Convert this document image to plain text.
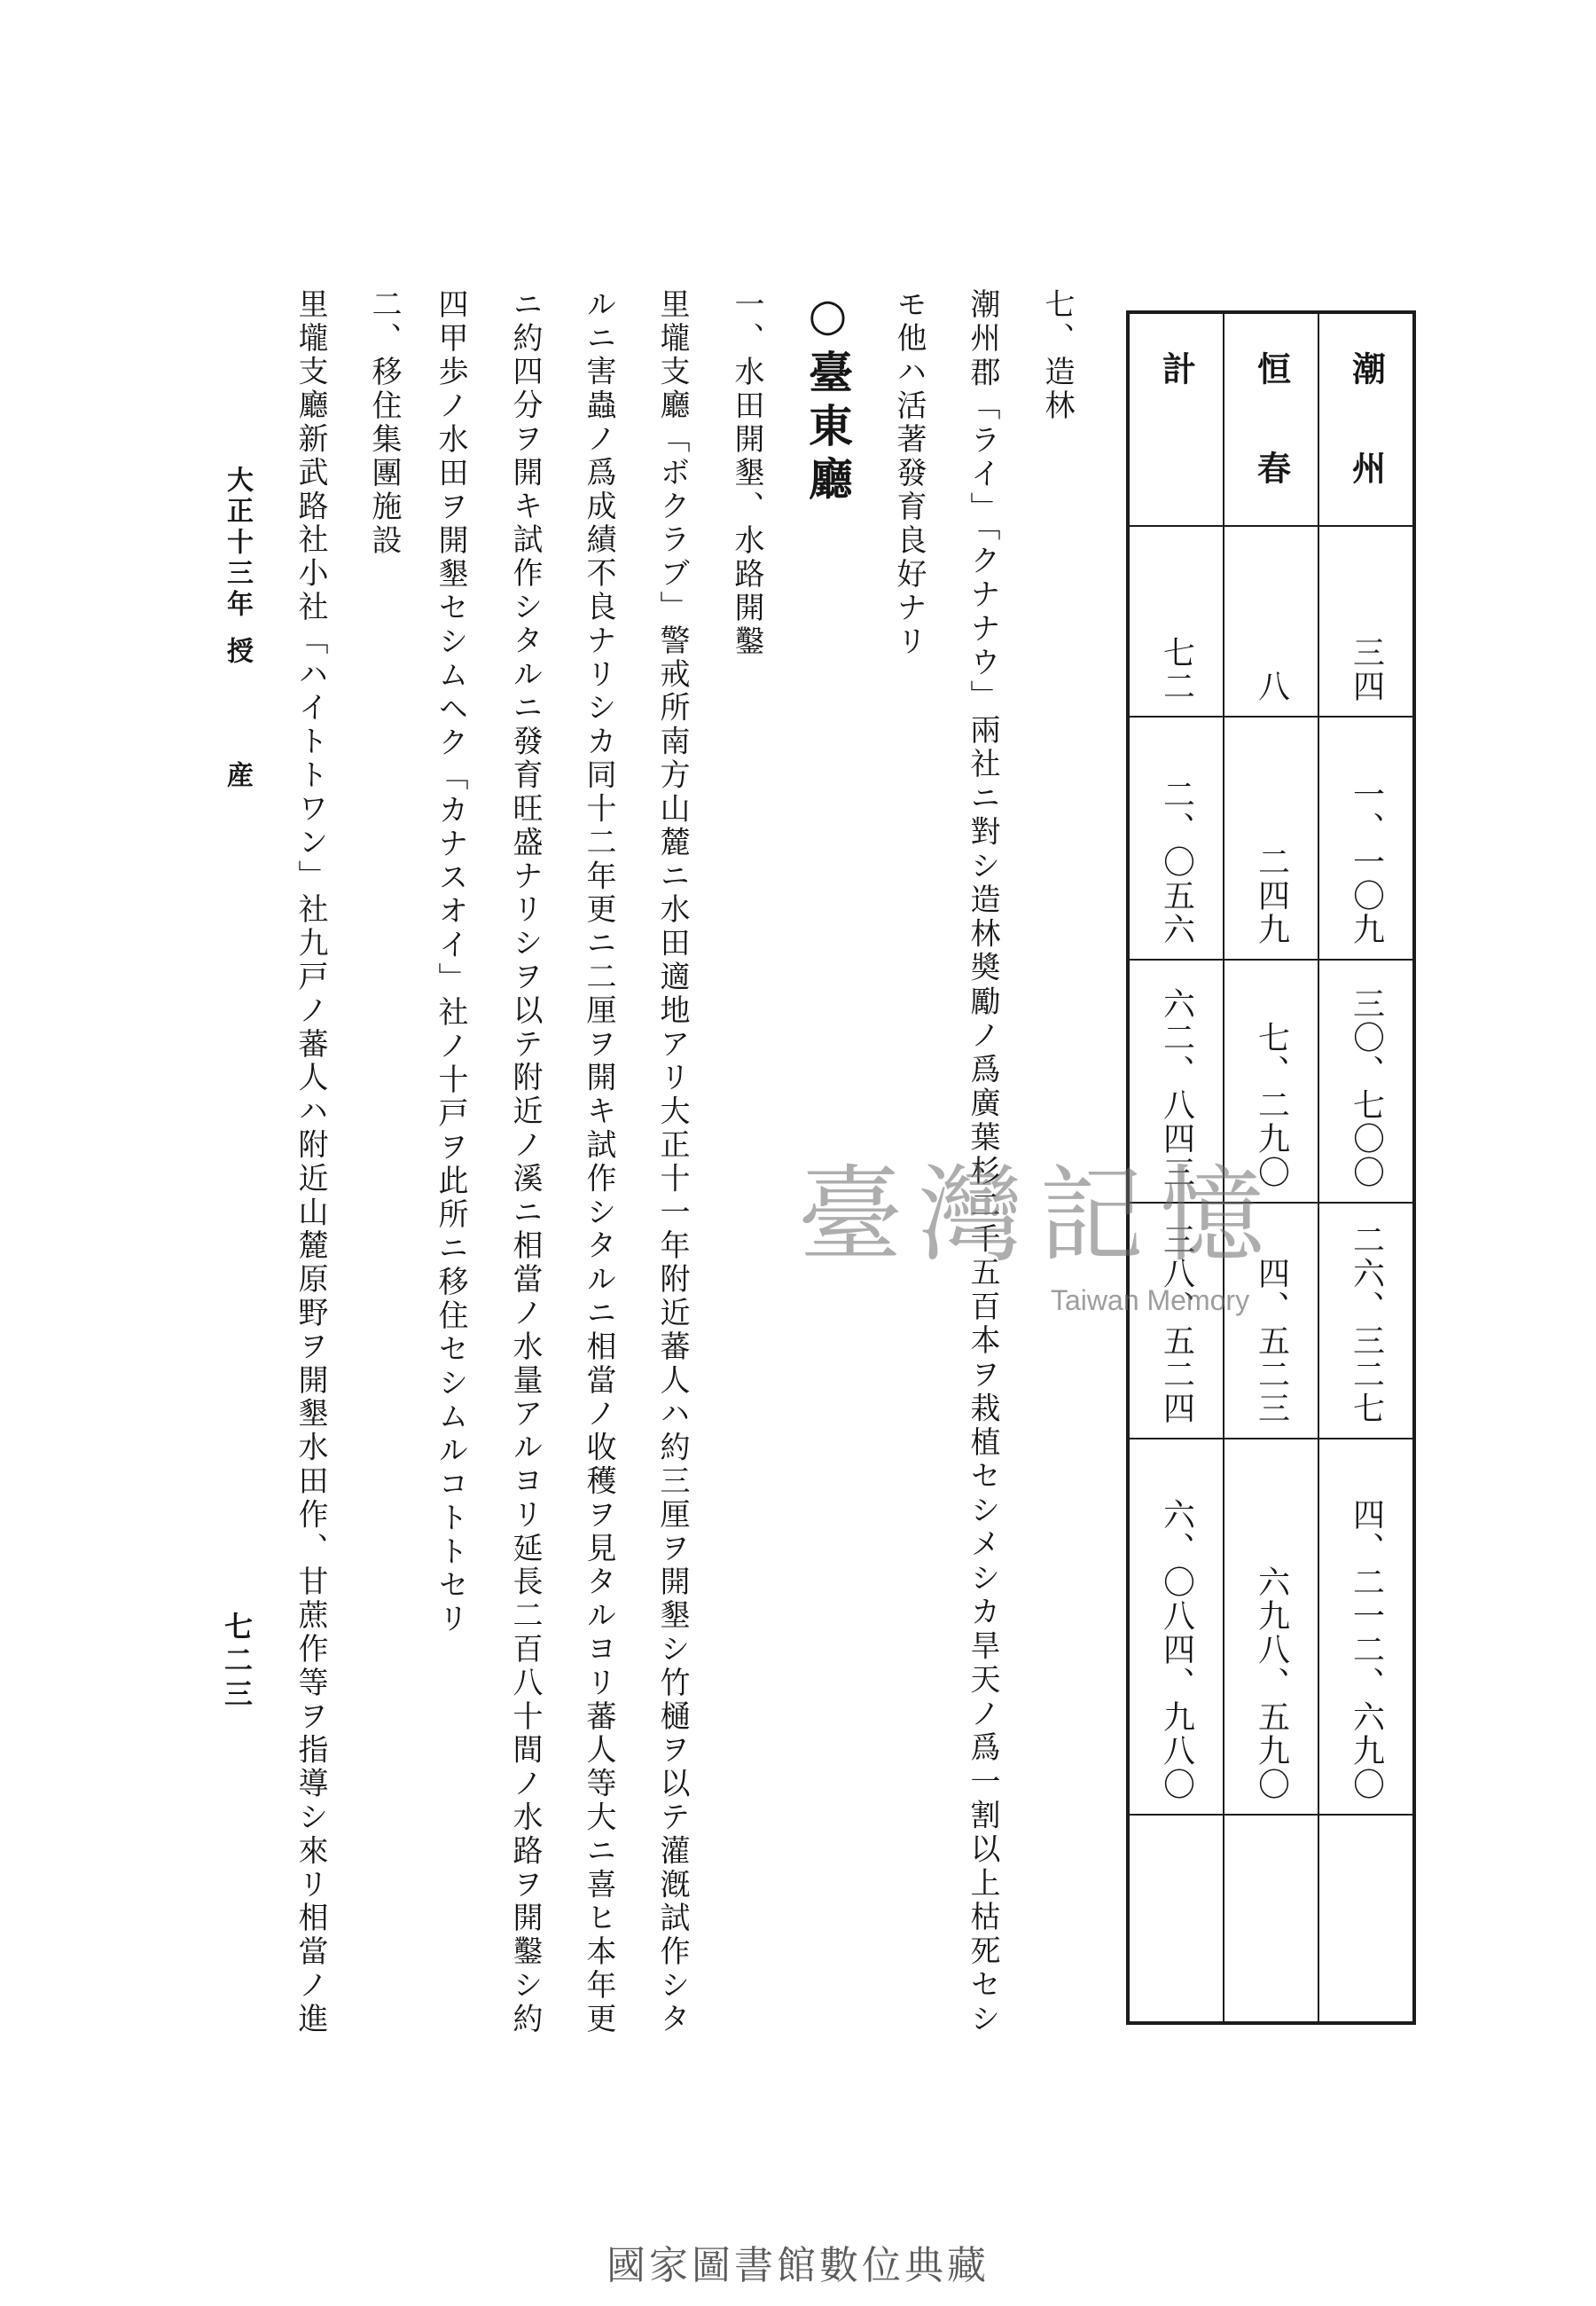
潮州
三四
一、一〇九
三〇、七〇〇
二六、三二七
四、二一二、六九〇
恒春
八
二四九
七、二九〇
四、五二三
六九八、五九〇
計
七二
二、〇五六
六二、八四三
三八、五二四
六、〇八四、九八〇
七、造林
潮州郡「ライ」「クナナウ」兩社ニ對シ造林奬勵ノ爲廣葉杉二千五百本ヲ栽植セシメシカ旱天ノ爲一割以上枯死セシ
モ他ハ活著發育良好ナリ
○臺東廳
一、水田開墾、水路開鑿
里壠支廳「ボクラブ」警戒所南方山麓ニ水田適地アリ大正十一年附近蕃人ハ約三厘ヲ開墾シ竹樋ヲ以テ灌漑試作シタ
ルニ害蟲ノ爲成績不良ナリシカ同十二年更ニ二厘ヲ開キ試作シタルニ相當ノ收穫ヲ見タルヨリ蕃人等大ニ喜ヒ本年更
ニ約四分ヲ開キ試作シタルニ發育旺盛ナリシヲ以テ附近ノ溪ニ相當ノ水量アルヨリ延長二百八十間ノ水路ヲ開鑿シ約
四甲歩ノ水田ヲ開墾セシムヘク「カナスオイ」社ノ十戸ヲ此所ニ移住セシムルコトトセリ
二、移住集團施設
里壠支廳新武路社小社「ハイトトワン」社九戸ノ蕃人ハ附近山麓原野ヲ開墾水田作、甘蔗作等ヲ指導シ來リ相當ノ進
大正十三年
授産
七二三
國家圖書館數位典藏
臺灣記憶
Taiwan Memory
